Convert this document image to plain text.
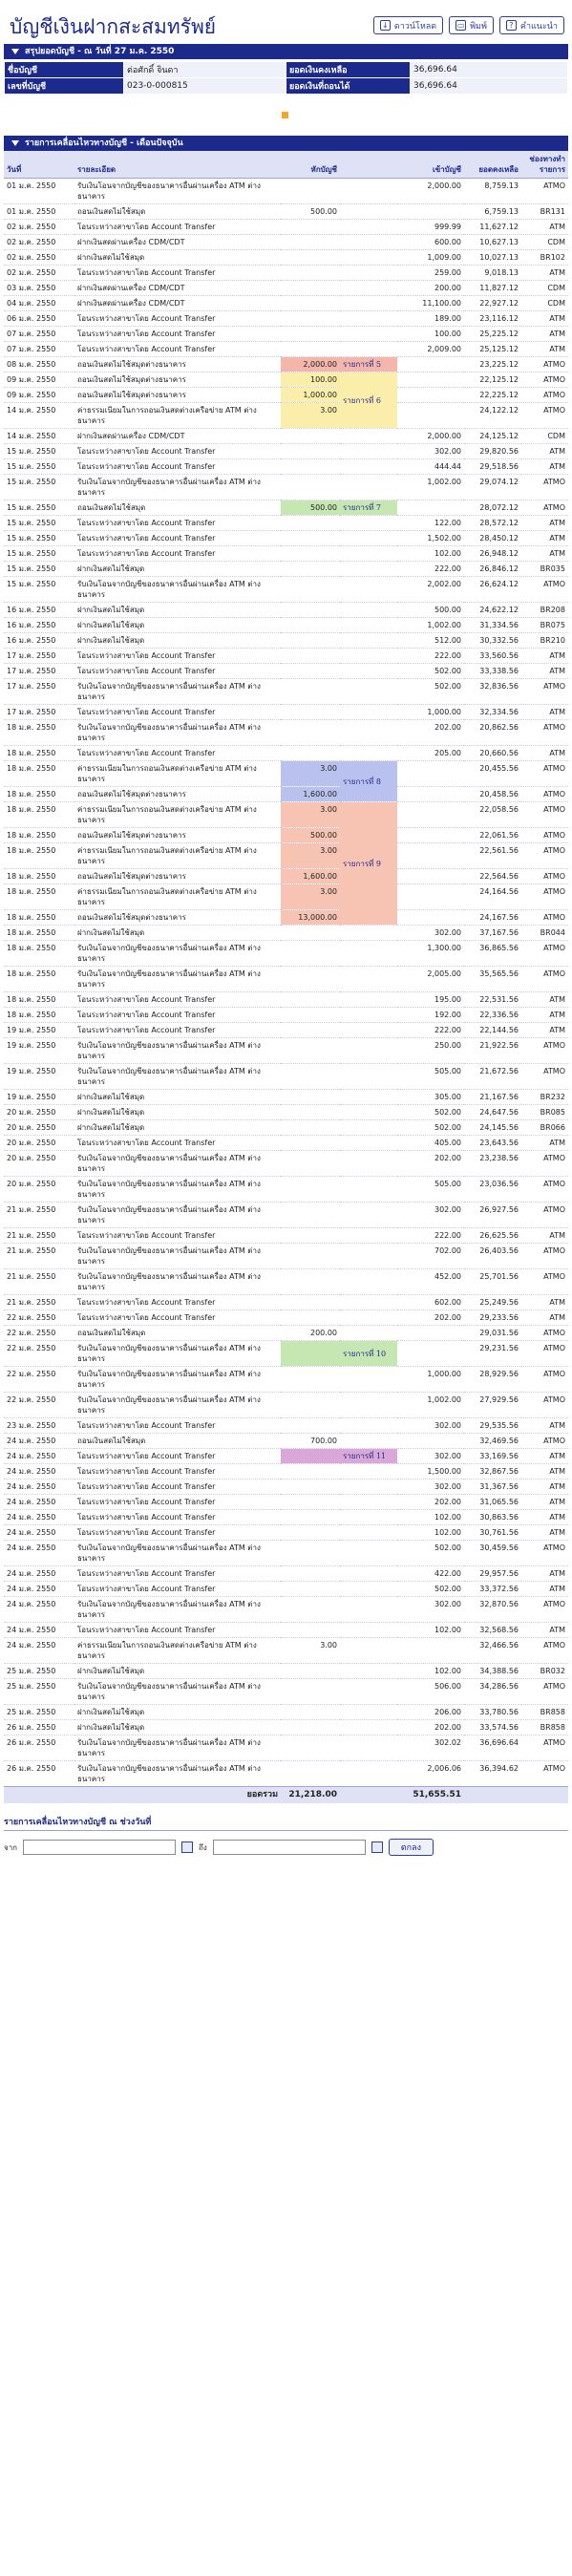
บัญชีเงินฝากสะสมทรัพย์	↓ ดาวน์โหลด	▭ พิมพ์	? คำแนะนำ
สรุปยอดบัญชี - ณ วันที่ 27 ม.ค. 2550
ชื่อบัญชี	ต่อศักดิ์ จินดา	ยอดเงินคงเหลือ	36,696.64
เลขที่บัญชี	023-0-000815	ยอดเงินที่ถอนได้	36,696.64
รายการเคลื่อนไหวทางบัญชี - เดือนปัจจุบัน
วันที่	รายละเอียด	หักบัญชี		เข้าบัญชี	ยอดคงเหลือ	ช่องทางทำรายการ
01 ม.ค. 2550	รับเงินโอนจากบัญชีของธนาคารอื่นผ่านเครื่อง ATM ต่างธนาคาร			2,000.00	8,759.13	ATMO
01 ม.ค. 2550	ถอนเงินสดไม่ใช้สมุด	500.00			6,759.13	BR131
02 ม.ค. 2550	โอนระหว่างสาขาโดย Account Transfer			999.99	11,627.12	ATM
02 ม.ค. 2550	ฝากเงินสดผ่านเครื่อง CDM/CDT			600.00	10,627.13	CDM
02 ม.ค. 2550	ฝากเงินสดไม่ใช้สมุด			1,009.00	10,027.13	BR102
02 ม.ค. 2550	โอนระหว่างสาขาโดย Account Transfer			259.00	9,018.13	ATM
03 ม.ค. 2550	ฝากเงินสดผ่านเครื่อง CDM/CDT			200.00	11,827.12	CDM
04 ม.ค. 2550	ฝากเงินสดผ่านเครื่อง CDM/CDT			11,100.00	22,927.12	CDM
06 ม.ค. 2550	โอนระหว่างสาขาโดย Account Transfer			189.00	23,116.12	ATM
07 ม.ค. 2550	โอนระหว่างสาขาโดย Account Transfer			100.00	25,225.12	ATM
07 ม.ค. 2550	โอนระหว่างสาขาโดย Account Transfer			2,009.00	25,125.12	ATM
08 ม.ค. 2550	ถอนเงินสดไม่ใช้สมุดต่างธนาคาร	2,000.00	รายการที่ 5		23,225.12	ATMO
09 ม.ค. 2550	ถอนเงินสดไม่ใช้สมุดต่างธนาคาร	100.00	รายการที่ 6		22,125.12	ATMO
09 ม.ค. 2550	ถอนเงินสดไม่ใช้สมุดต่างธนาคาร	1,000.00			22,225.12	ATMO
14 ม.ค. 2550	ค่าธรรมเนียมในการถอนเงินสดต่างเครือข่าย ATM ต่างธนาคาร	3.00			24,122.12	ATMO
14 ม.ค. 2550	ฝากเงินสดผ่านเครื่อง CDM/CDT			2,000.00	24,125.12	CDM
15 ม.ค. 2550	โอนระหว่างสาขาโดย Account Transfer			302.00	29,820.56	ATM
15 ม.ค. 2550	โอนระหว่างสาขาโดย Account Transfer			444.44	29,518.56	ATM
15 ม.ค. 2550	รับเงินโอนจากบัญชีของธนาคารอื่นผ่านเครื่อง ATM ต่างธนาคาร			1,002.00	29,074.12	ATMO
15 ม.ค. 2550	ถอนเงินสดไม่ใช้สมุด	500.00	รายการที่ 7		28,072.12	ATMO
15 ม.ค. 2550	โอนระหว่างสาขาโดย Account Transfer			122.00	28,572.12	ATM
15 ม.ค. 2550	โอนระหว่างสาขาโดย Account Transfer			1,502.00	28,450.12	ATM
15 ม.ค. 2550	โอนระหว่างสาขาโดย Account Transfer			102.00	26,948.12	ATM
15 ม.ค. 2550	ฝากเงินสดไม่ใช้สมุด			222.00	26,846.12	BR035
15 ม.ค. 2550	รับเงินโอนจากบัญชีของธนาคารอื่นผ่านเครื่อง ATM ต่างธนาคาร			2,002.00	26,624.12	ATMO
16 ม.ค. 2550	ฝากเงินสดไม่ใช้สมุด			500.00	24,622.12	BR208
16 ม.ค. 2550	ฝากเงินสดไม่ใช้สมุด			1,002.00	31,334.56	BR075
16 ม.ค. 2550	ฝากเงินสดไม่ใช้สมุด			512.00	30,332.56	BR210
17 ม.ค. 2550	โอนระหว่างสาขาโดย Account Transfer			222.00	33,560.56	ATM
17 ม.ค. 2550	โอนระหว่างสาขาโดย Account Transfer			502.00	33,338.56	ATM
17 ม.ค. 2550	รับเงินโอนจากบัญชีของธนาคารอื่นผ่านเครื่อง ATM ต่างธนาคาร			502.00	32,836.56	ATMO
17 ม.ค. 2550	โอนระหว่างสาขาโดย Account Transfer			1,000.00	32,334.56	ATM
18 ม.ค. 2550	รับเงินโอนจากบัญชีของธนาคารอื่นผ่านเครื่อง ATM ต่างธนาคาร			202.00	20,862.56	ATMO
18 ม.ค. 2550	โอนระหว่างสาขาโดย Account Transfer			205.00	20,660.56	ATM
18 ม.ค. 2550	ค่าธรรมเนียมในการถอนเงินสดต่างเครือข่าย ATM ต่างธนาคาร	3.00	รายการที่ 8		20,455.56	ATMO
18 ม.ค. 2550	ถอนเงินสดไม่ใช้สมุดต่างธนาคาร	1,600.00			20,458.56	ATMO
18 ม.ค. 2550	ค่าธรรมเนียมในการถอนเงินสดต่างเครือข่าย ATM ต่างธนาคาร	3.00	รายการที่ 9		22,058.56	ATMO
18 ม.ค. 2550	ถอนเงินสดไม่ใช้สมุดต่างธนาคาร	500.00			22,061.56	ATMO
18 ม.ค. 2550	ค่าธรรมเนียมในการถอนเงินสดต่างเครือข่าย ATM ต่างธนาคาร	3.00			22,561.56	ATMO
18 ม.ค. 2550	ถอนเงินสดไม่ใช้สมุดต่างธนาคาร	1,600.00			22,564.56	ATMO
18 ม.ค. 2550	ค่าธรรมเนียมในการถอนเงินสดต่างเครือข่าย ATM ต่างธนาคาร	3.00			24,164.56	ATMO
18 ม.ค. 2550	ถอนเงินสดไม่ใช้สมุดต่างธนาคาร	13,000.00			24,167.56	ATMO
18 ม.ค. 2550	ฝากเงินสดไม่ใช้สมุด			302.00	37,167.56	BR044
18 ม.ค. 2550	รับเงินโอนจากบัญชีของธนาคารอื่นผ่านเครื่อง ATM ต่างธนาคาร			1,300.00	36,865.56	ATMO
18 ม.ค. 2550	รับเงินโอนจากบัญชีของธนาคารอื่นผ่านเครื่อง ATM ต่างธนาคาร			2,005.00	35,565.56	ATMO
18 ม.ค. 2550	โอนระหว่างสาขาโดย Account Transfer			195.00	22,531.56	ATM
18 ม.ค. 2550	โอนระหว่างสาขาโดย Account Transfer			192.00	22,336.56	ATM
19 ม.ค. 2550	โอนระหว่างสาขาโดย Account Transfer			222.00	22,144.56	ATM
19 ม.ค. 2550	รับเงินโอนจากบัญชีของธนาคารอื่นผ่านเครื่อง ATM ต่างธนาคาร			250.00	21,922.56	ATMO
19 ม.ค. 2550	รับเงินโอนจากบัญชีของธนาคารอื่นผ่านเครื่อง ATM ต่างธนาคาร			505.00	21,672.56	ATMO
19 ม.ค. 2550	ฝากเงินสดไม่ใช้สมุด			305.00	21,167.56	BR232
20 ม.ค. 2550	ฝากเงินสดไม่ใช้สมุด			502.00	24,647.56	BR085
20 ม.ค. 2550	ฝากเงินสดไม่ใช้สมุด			502.00	24,145.56	BR066
20 ม.ค. 2550	โอนระหว่างสาขาโดย Account Transfer			405.00	23,643.56	ATM
20 ม.ค. 2550	รับเงินโอนจากบัญชีของธนาคารอื่นผ่านเครื่อง ATM ต่างธนาคาร			202.00	23,238.56	ATMO
20 ม.ค. 2550	รับเงินโอนจากบัญชีของธนาคารอื่นผ่านเครื่อง ATM ต่างธนาคาร			505.00	23,036.56	ATMO
21 ม.ค. 2550	รับเงินโอนจากบัญชีของธนาคารอื่นผ่านเครื่อง ATM ต่างธนาคาร			302.00	26,927.56	ATMO
21 ม.ค. 2550	โอนระหว่างสาขาโดย Account Transfer			222.00	26,625.56	ATM
21 ม.ค. 2550	รับเงินโอนจากบัญชีของธนาคารอื่นผ่านเครื่อง ATM ต่างธนาคาร			702.00	26,403.56	ATMO
21 ม.ค. 2550	รับเงินโอนจากบัญชีของธนาคารอื่นผ่านเครื่อง ATM ต่างธนาคาร			452.00	25,701.56	ATMO
21 ม.ค. 2550	โอนระหว่างสาขาโดย Account Transfer			602.00	25,249.56	ATM
22 ม.ค. 2550	โอนระหว่างสาขาโดย Account Transfer			202.00	29,233.56	ATM
22 ม.ค. 2550	ถอนเงินสดไม่ใช้สมุด	200.00			29,031.56	ATMO
22 ม.ค. 2550	รับเงินโอนจากบัญชีของธนาคารอื่นผ่านเครื่อง ATM ต่างธนาคาร		รายการที่ 10		29,231.56	ATMO
22 ม.ค. 2550	รับเงินโอนจากบัญชีของธนาคารอื่นผ่านเครื่อง ATM ต่างธนาคาร			1,000.00	28,929.56	ATMO
22 ม.ค. 2550	รับเงินโอนจากบัญชีของธนาคารอื่นผ่านเครื่อง ATM ต่างธนาคาร			1,002.00	27,929.56	ATMO
23 ม.ค. 2550	โอนระหว่างสาขาโดย Account Transfer			302.00	29,535.56	ATM
24 ม.ค. 2550	ถอนเงินสดไม่ใช้สมุด	700.00			32,469.56	ATMO
24 ม.ค. 2550	โอนระหว่างสาขาโดย Account Transfer		รายการที่ 11	302.00	33,169.56	ATM
24 ม.ค. 2550	โอนระหว่างสาขาโดย Account Transfer			1,500.00	32,867.56	ATM
24 ม.ค. 2550	โอนระหว่างสาขาโดย Account Transfer			302.00	31,367.56	ATM
24 ม.ค. 2550	โอนระหว่างสาขาโดย Account Transfer			202.00	31,065.56	ATM
24 ม.ค. 2550	โอนระหว่างสาขาโดย Account Transfer			102.00	30,863.56	ATM
24 ม.ค. 2550	โอนระหว่างสาขาโดย Account Transfer			102.00	30,761.56	ATM
24 ม.ค. 2550	รับเงินโอนจากบัญชีของธนาคารอื่นผ่านเครื่อง ATM ต่างธนาคาร			502.00	30,459.56	ATMO
24 ม.ค. 2550	โอนระหว่างสาขาโดย Account Transfer			422.00	29,957.56	ATM
24 ม.ค. 2550	โอนระหว่างสาขาโดย Account Transfer			502.00	33,372.56	ATM
24 ม.ค. 2550	รับเงินโอนจากบัญชีของธนาคารอื่นผ่านเครื่อง ATM ต่างธนาคาร			302.00	32,870.56	ATMO
24 ม.ค. 2550	โอนระหว่างสาขาโดย Account Transfer			102.00	32,568.56	ATM
24 ม.ค. 2550	ค่าธรรมเนียมในการถอนเงินสดต่างเครือข่าย ATM ต่างธนาคาร	3.00			32,466.56	ATMO
25 ม.ค. 2550	ฝากเงินสดไม่ใช้สมุด			102.00	34,388.56	BR032
25 ม.ค. 2550	รับเงินโอนจากบัญชีของธนาคารอื่นผ่านเครื่อง ATM ต่างธนาคาร			506.00	34,286.56	ATMO
25 ม.ค. 2550	ฝากเงินสดไม่ใช้สมุด			206.00	33,780.56	BR858
26 ม.ค. 2550	ฝากเงินสดไม่ใช้สมุด			202.00	33,574.56	BR858
26 ม.ค. 2550	รับเงินโอนจากบัญชีของธนาคารอื่นผ่านเครื่อง ATM ต่างธนาคาร			302.02	36,696.64	ATMO
26 ม.ค. 2550	รับเงินโอนจากบัญชีของธนาคารอื่นผ่านเครื่อง ATM ต่างธนาคาร			2,006.06	36,394.62	ATMO
	ยอดรวม	21,218.00		51,655.51		
รายการเคลื่อนไหวทางบัญชี ณ ช่วงวันที่
จาก	ถึง	ตกลง
